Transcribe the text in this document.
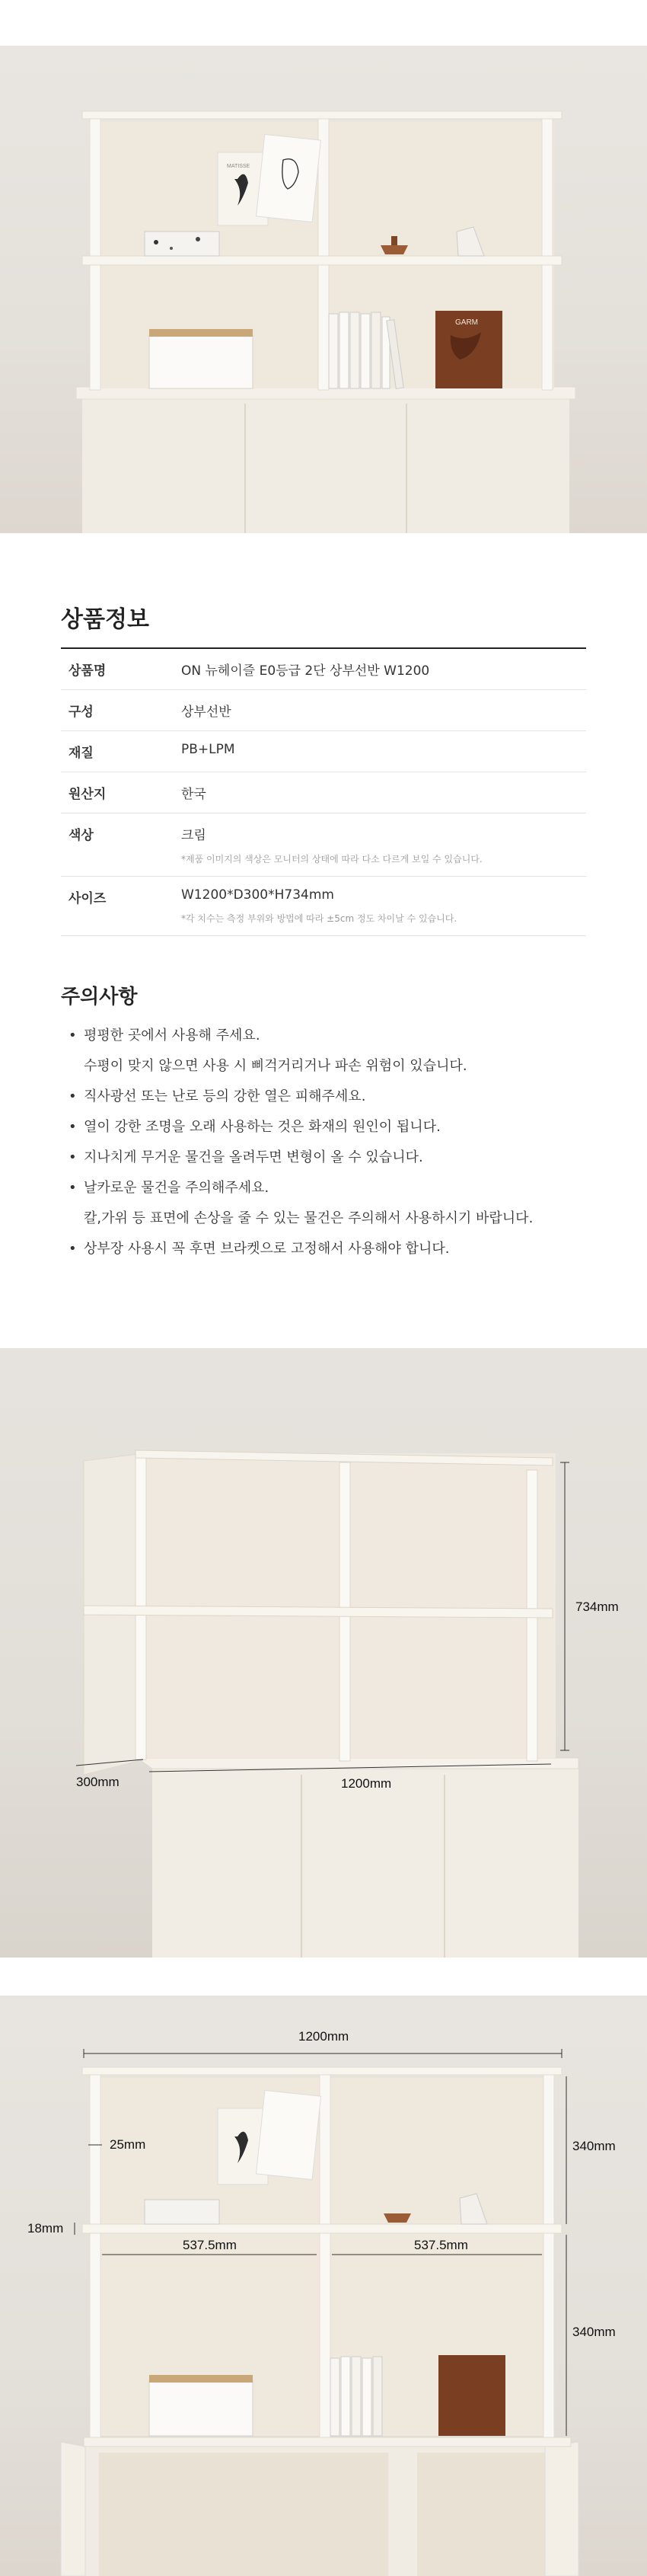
MATISSE
GARM
상품정보
상품명	ON 뉴헤이즐 E0등급 2단 상부선반 W1200
구성	상부선반
재질	PB+LPM
원산지	한국
색상	크림
*제품 이미지의 색상은 모니터의 상태에 따라 다소 다르게 보일 수 있습니다.
사이즈	W1200*D300*H734mm
*각 치수는 측정 부위와 방법에 따라 ±5cm 정도 차이날 수 있습니다.
주의사항
• 평평한 곳에서 사용해 주세요.
수평이 맞지 않으면 사용 시 삐걱거리거나 파손 위험이 있습니다.
• 직사광선 또는 난로 등의 강한 열은 피해주세요.
• 열이 강한 조명을 오래 사용하는 것은 화재의 원인이 됩니다.
• 지나치게 무거운 물건을 올려두면 변형이 올 수 있습니다.
• 날카로운 물건을 주의해주세요.
칼,가위 등 표면에 손상을 줄 수 있는 물건은 주의해서 사용하시기 바랍니다.
• 상부장 사용시 꼭 후면 브라켓으로 고정해서 사용해야 합니다.
734mm
300mm	1200mm
1200mm
25mm	340mm
18mm
537.5mm	537.5mm
340mm
